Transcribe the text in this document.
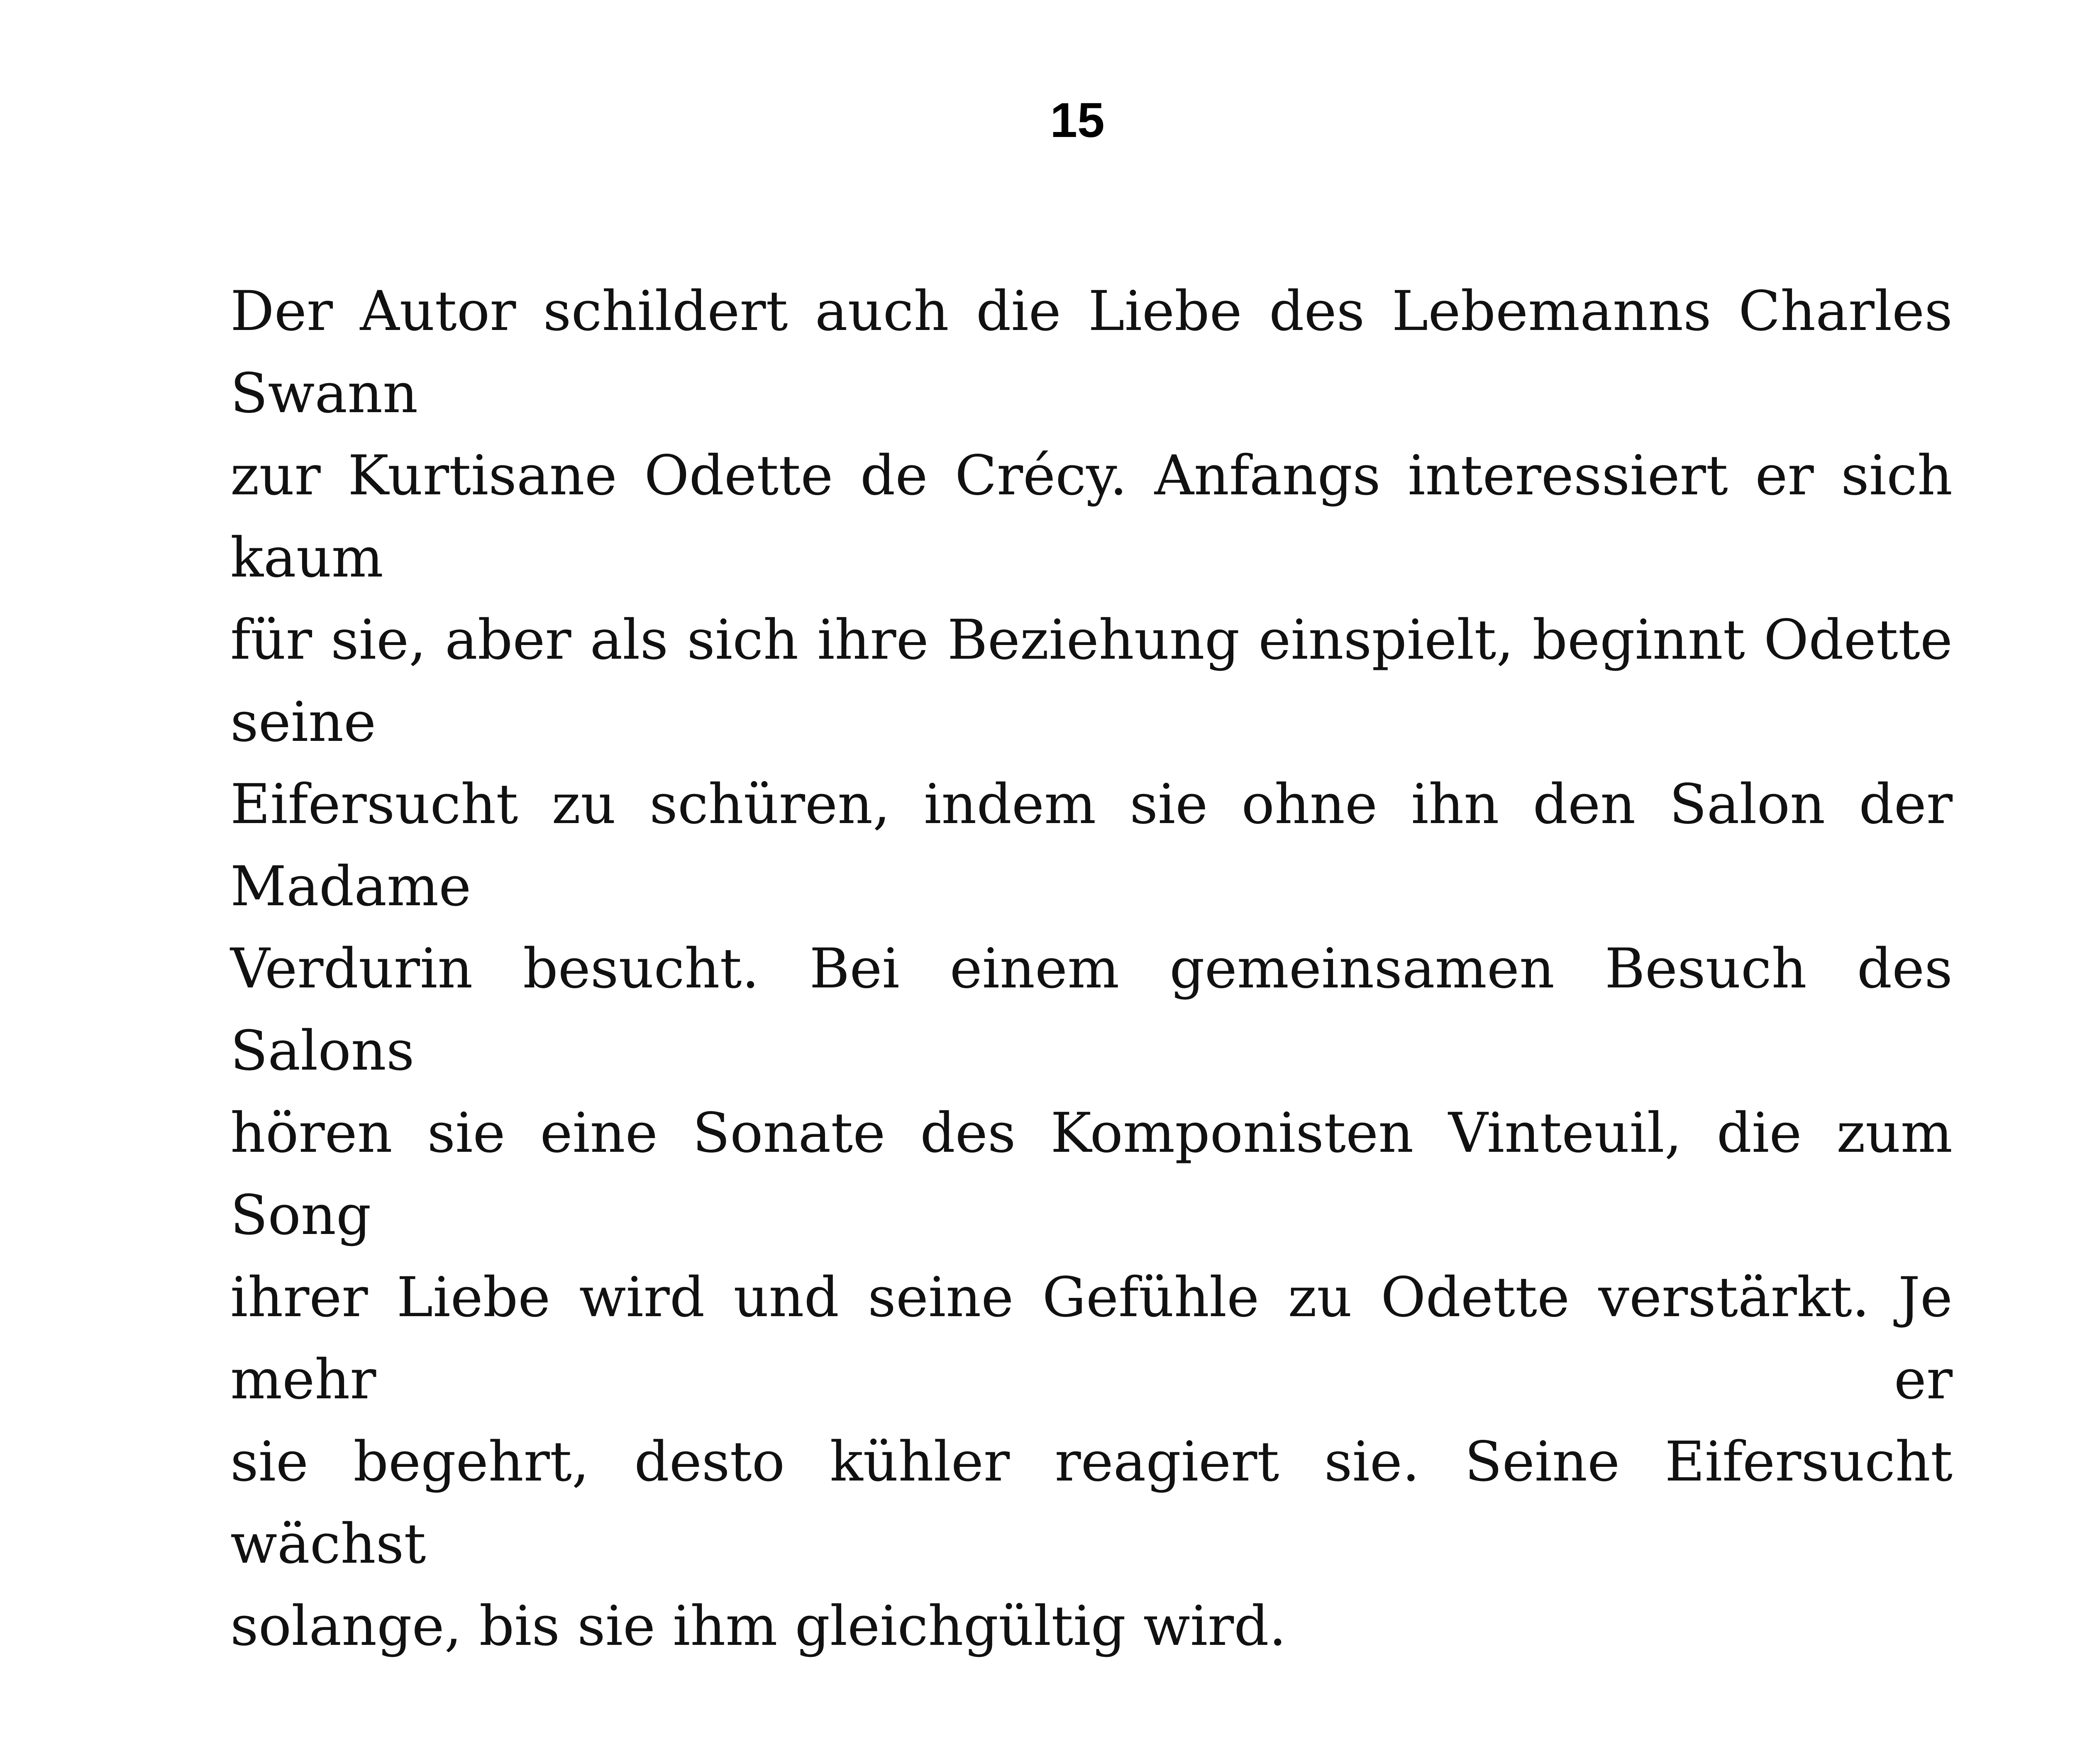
15
Der Autor schildert auch die Liebe des Lebemanns Charles Swann
zur Kurtisane Odette de Crécy. Anfangs interessiert er sich kaum
für sie, aber als sich ihre Beziehung einspielt, beginnt Odette seine
Eifersucht zu schüren, indem sie ohne ihn den Salon der Madame
Verdurin besucht. Bei einem gemeinsamen Besuch des Salons
hören sie eine Sonate des Komponisten Vinteuil, die zum Song
ihrer Liebe wird und seine Gefühle zu Odette verstärkt. Je mehr er
sie begehrt, desto kühler reagiert sie. Seine Eifersucht wächst
solange, bis sie ihm gleichgültig wird.
